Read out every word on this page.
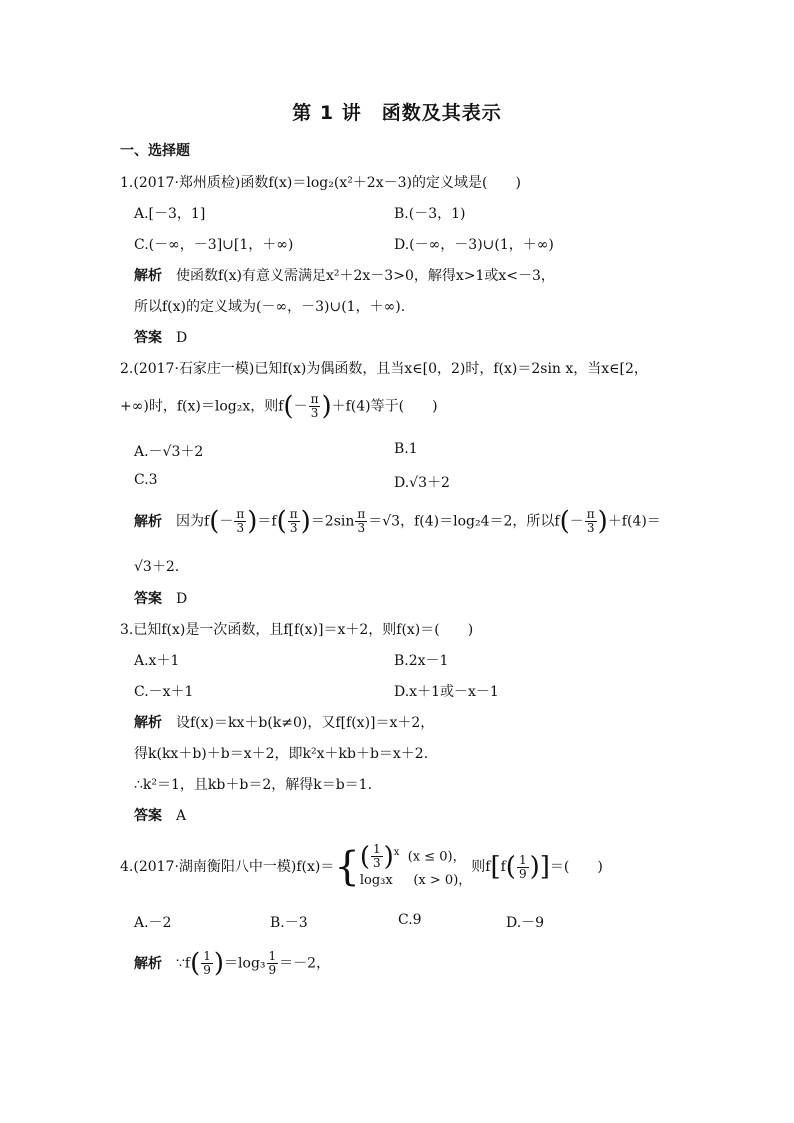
第 1 讲　函数及其表示
一、选择题
1.(2017·郑州质检)函数f(x)＝log₂(x²＋2x－3)的定义域是(　　)
A.[－3，1]	B.(－3，1)
C.(－∞，－3]∪[1，＋∞)	D.(－∞，－3)∪(1，＋∞)
解析 使函数f(x)有意义需满足x²＋2x－3>0，解得x>1或x<－3，
所以f(x)的定义域为(－∞，－3)∪(1，＋∞).
答案 D
2.(2017·石家庄一模)已知f(x)为偶函数，且当x∈[0，2)时，f(x)＝2sin x，当x∈[2，
+∞)时，f(x)＝log₂x，则$f(- \frac{\pi}{3} )+f(4)$等于(　　)
A.－√3＋2	B.1
C.3	D.√3＋2
解析 因为$f(- \frac{\pi}{3} )=f( \frac{\pi}{3} )=2\sin \frac{\pi}{3} =√3$，f(4)＝log₂4＝2，所以$f(- \frac{\pi}{3} )+f(4)=$
√3＋2.
答案 D
3.已知f(x)是一次函数，且f[f(x)]＝x＋2，则f(x)＝(　　)
A.x＋1	B.2x－1
C.－x＋1	D.x＋1或－x－1
解析 设f(x)＝kx＋b(k≠0)，又f[f(x)]＝x＋2，
得k(kx＋b)＋b＝x＋2，即k²x＋kb＋b＝x＋2.
∴k²＝1，且kb＋b＝2，解得k＝b＝1.
答案 A
4.(2017·湖南衡阳八中一模)f(x)＝{ ( $\frac{1}{3} )^x$ (x ≤ 0)，
log₃x (x > 0)，
则$f[f( \frac{1}{9}$ )]＝(　　)
A.－2	B.－3	C.9	D.－9
解析 ∵f( $\frac{1}{9} )=\log_3 \frac{1}{9} =-2$，
